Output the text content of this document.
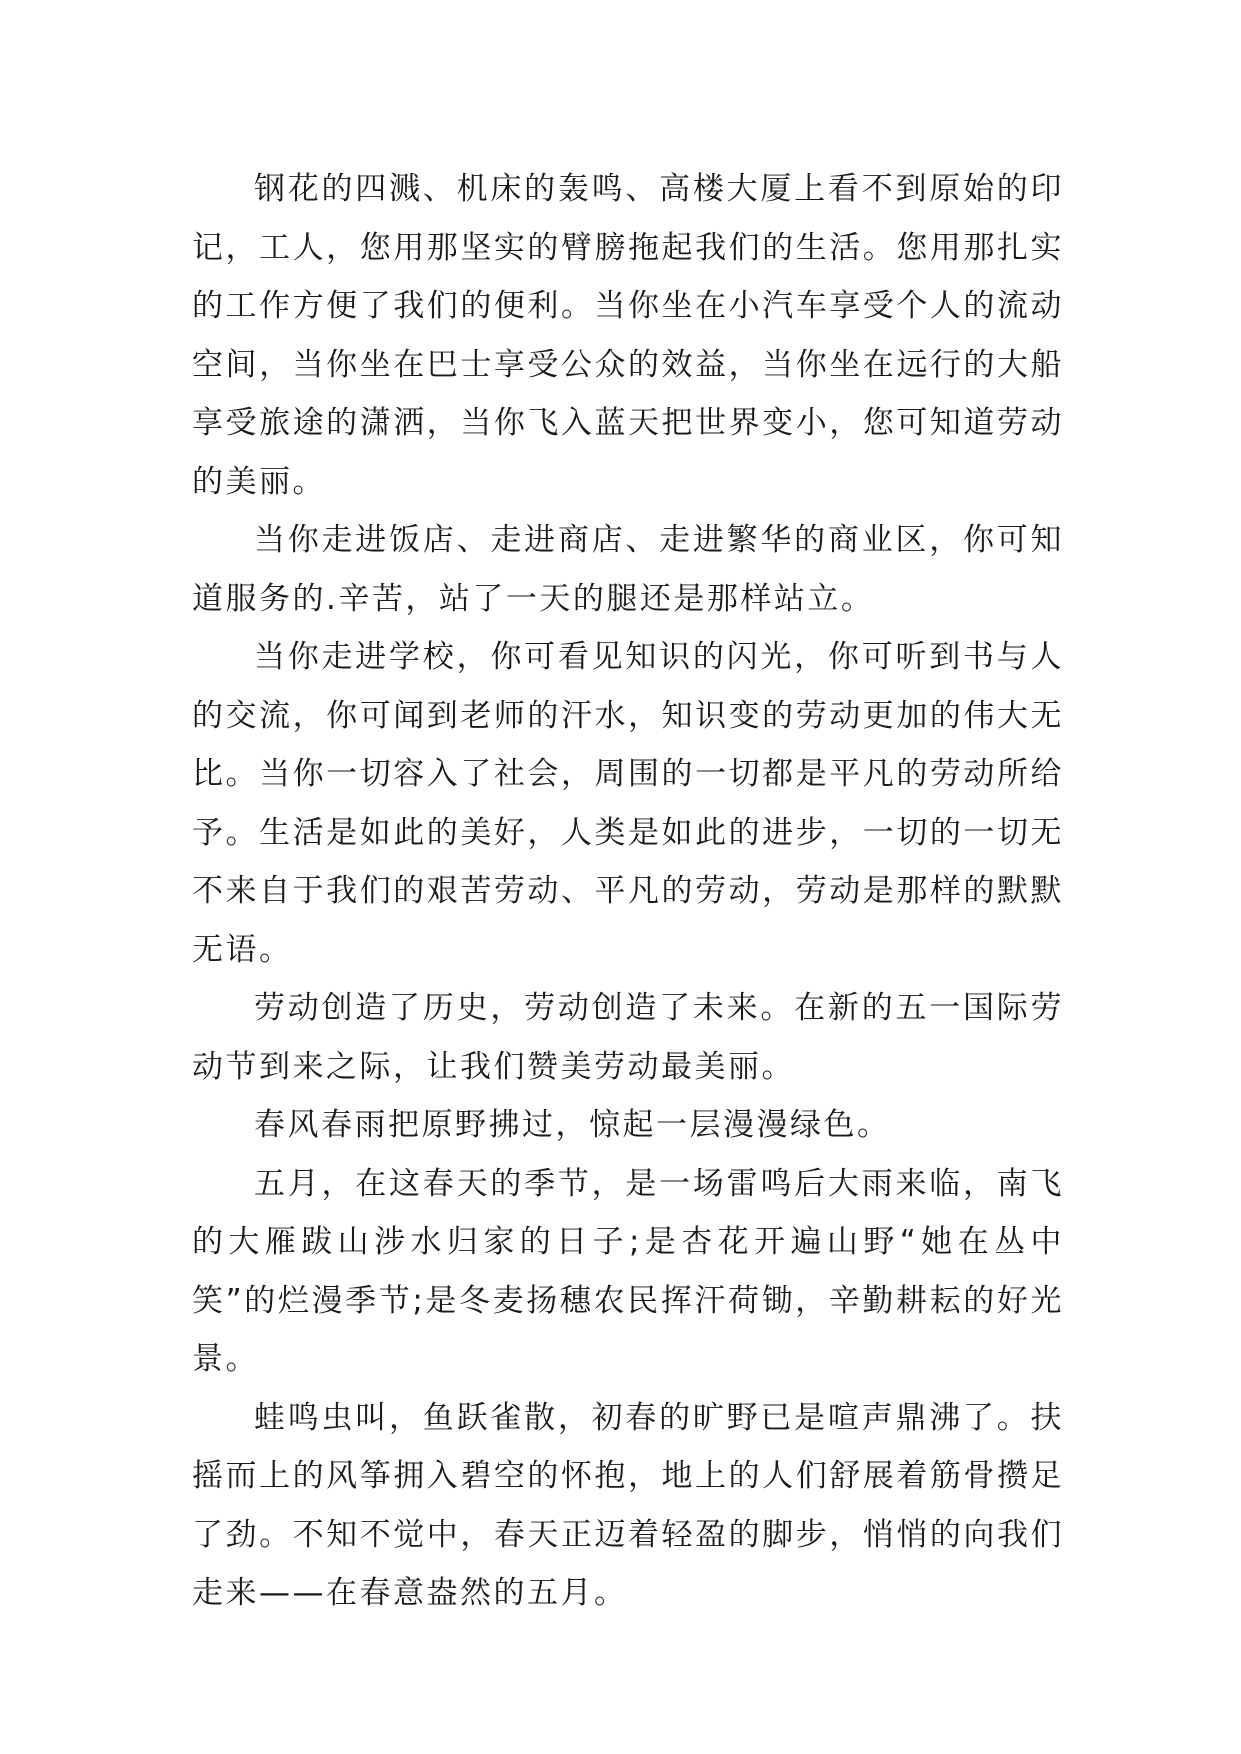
钢花的四溅、机床的轰鸣、高楼大厦上看不到原始的印记，工人，您用那坚实的臂膀拖起我们的生活。您用那扎实的工作方便了我们的便利。当你坐在小汽车享受个人的流动空间，当你坐在巴士享受公众的效益，当你坐在远行的大船享受旅途的潇洒，当你飞入蓝天把世界变小，您可知道劳动的美丽。

当你走进饭店、走进商店、走进繁华的商业区，你可知道服务的.辛苦，站了一天的腿还是那样站立。

当你走进学校，你可看见知识的闪光，你可听到书与人的交流，你可闻到老师的汗水，知识变的劳动更加的伟大无比。当你一切容入了社会，周围的一切都是平凡的劳动所给予。生活是如此的美好，人类是如此的进步，一切的一切无不来自于我们的艰苦劳动、平凡的劳动，劳动是那样的默默无语。

劳动创造了历史，劳动创造了未来。在新的五一国际劳动节到来之际，让我们赞美劳动最美丽。

春风春雨把原野拂过，惊起一层漫漫绿色。

五月，在这春天的季节，是一场雷鸣后大雨来临，南飞的大雁跋山涉水归家的日子;是杏花开遍山野“她在丛中笑”的烂漫季节;是冬麦扬穗农民挥汗荷锄，辛勤耕耘的好光景。

蛙鸣虫叫，鱼跃雀散，初春的旷野已是喧声鼎沸了。扶摇而上的风筝拥入碧空的怀抱，地上的人们舒展着筋骨攒足了劲。不知不觉中，春天正迈着轻盈的脚步，悄悄的向我们走来——在春意盎然的五月。
